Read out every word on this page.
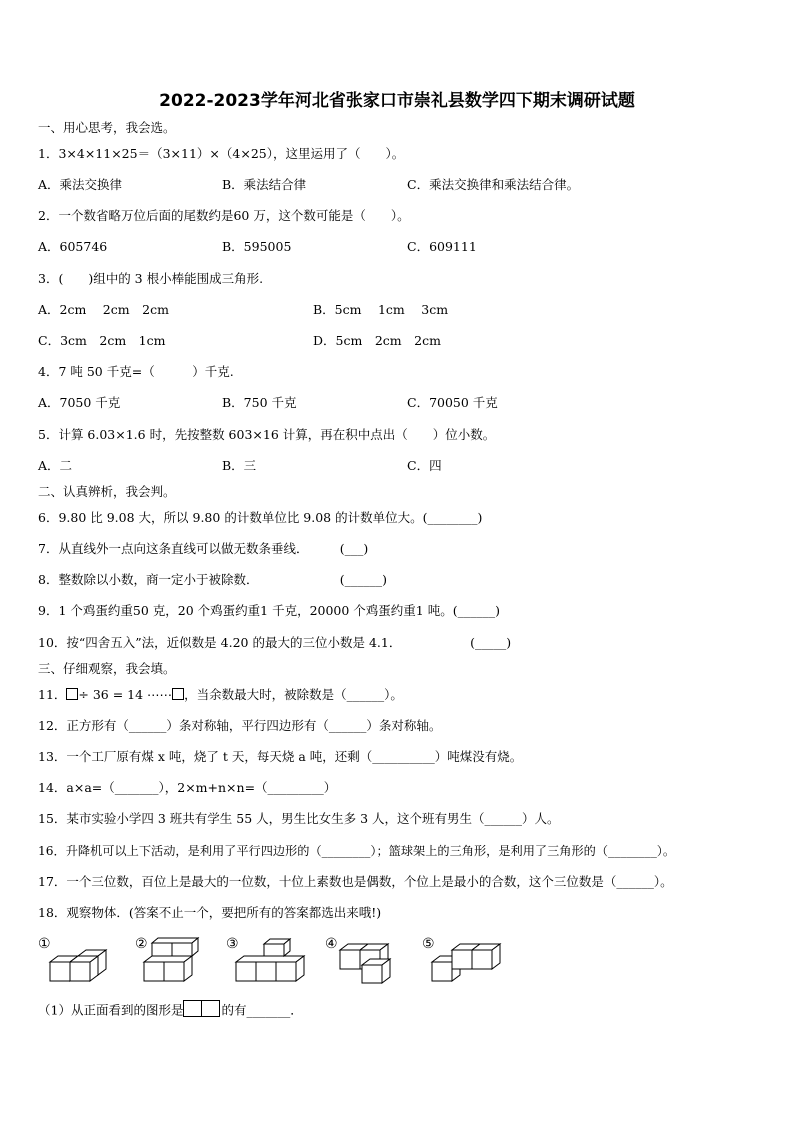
2022-2023学年河北省张家口市崇礼县数学四下期末调研试题
一、用心思考，我会选。
1．3×4×11×25＝（3×11）×（4×25），这里运用了（　　）。
A．乘法交换律	B．乘法结合律	C．乘法交换律和乘法结合律。
2．一个数省略万位后面的尾数约是60 万，这个数可能是（　　）。
A．605746	B．595005	C．609111
3．(　　)组中的 3 根小棒能围成三角形.
A．2cm　 2cm　2cm	B．5cm　 1cm　 3cm
C．3cm　2cm　1cm	D．5cm　2cm　2cm
4．7 吨 50 千克=（　　　）千克.
A．7050 千克	B．750 千克	C．70050 千克
5．计算 6.03×1.6 时，先按整数 603×16 计算，再在积中点出（　　）位小数。
A．二	B．三	C．四
二、认真辨析，我会判。
6．9.80 比 9.08 大，所以 9.80 的计数单位比 9.08 的计数单位大。(________)
7．从直线外一点向这条直线可以做无数条垂线．　　　(___)
8．整数除以小数，商一定小于被除数．　　　　　　　(______)
9．1 个鸡蛋约重50 克，20 个鸡蛋约重1 千克，20000 个鸡蛋约重1 吨。(______)
10．按“四舍五入”法，近似数是 4.20 的最大的三位小数是 4.1．　　　　　　(_____)
三、仔细观察，我会填。
11． ÷ 36 = 14 ⋯⋯ ，当余数最大时，被除数是（______）。
12．正方形有（______）条对称轴，平行四边形有（______）条对称轴。
13．一个工厂原有煤 x 吨，烧了 t 天，每天烧 a 吨，还剩（__________）吨煤没有烧。
14．a×a=（_______），2×m+n×n=（_________）
15．某市实验小学四 3 班共有学生 55 人，男生比女生多 3 人，这个班有男生（______）人。
16．升降机可以上下活动，是利用了平行四边形的（________）；篮球架上的三角形，是利用了三角形的（________）。
17．一个三位数，百位上是最大的一位数，十位上素数也是偶数，个位上是最小的合数，这个三位数是（______）。
18．观察物体．(答案不止一个，要把所有的答案都选出来哦!)
①	②	③	④	⑤
（1）从正面看到的图形是	的有_______．
